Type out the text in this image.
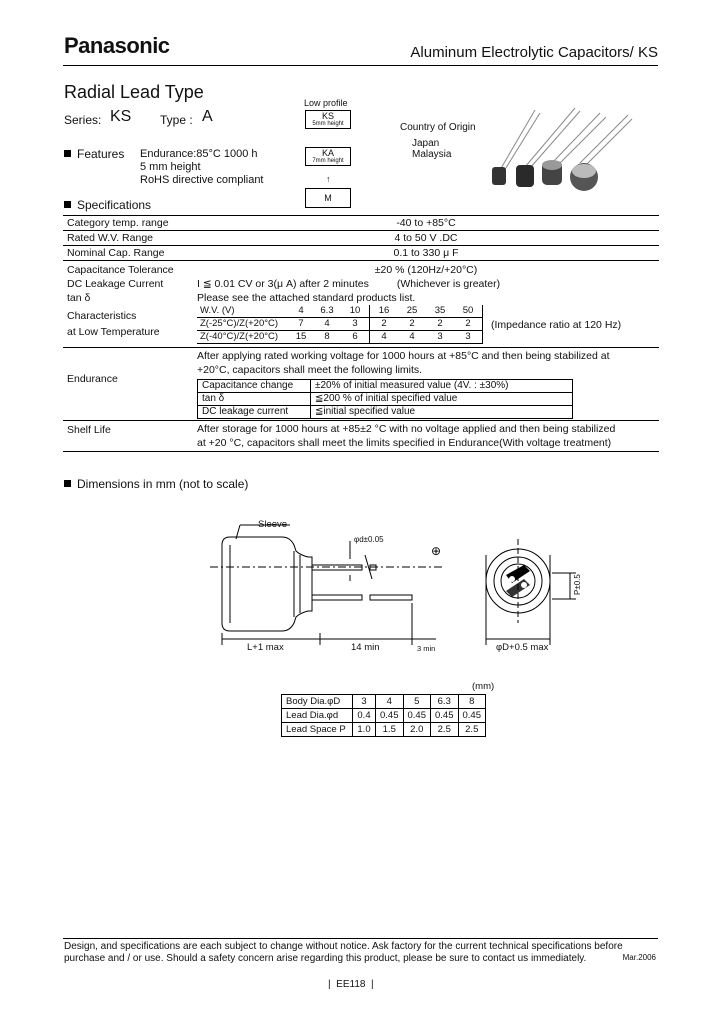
Panasonic	Aluminum Electrolytic Capacitors/ KS
Radial Lead Type
Series: KS Type : A
Low profile
KS
5mm height
KA
7mm height
↑
M
Features Endurance:85°C 1000 h
5 mm height
RoHS directive compliant
Country of Origin
Japan
Malaysia
Specifications
Category temp. range	-40 to +85°C
Rated W.V. Range	4 to 50 V .DC
Nominal Cap. Range	0.1 to 330 μ F
Capacitance Tolerance	±20 % (120Hz/+20°C)
DC Leakage Current	I ≦ 0.01 CV or 3(μ A) after 2 minutes	(Whichever is greater)
tan δ	Please see the attached standard products list.

Characteristics
at Low Temperature

W.V. (V)	4	6.3	10	16	25	35	50
Z(-25°C)/Z(+20°C)	7	4	3	2	2	2	2
Z(-40°C)/Z(+20°C)	15	8	6	4	4	3	3
(Impedance ratio at 120 Hz)

Endurance	
After applying rated working voltage for 1000 hours at +85°C and then being stabilized at
+20°C, capacitors shall meet the following limits.
Capacitance change	±20% of initial measured value (4V. : ±30%)
tan δ	≦200 % of initial specified value
DC leakage current	≦initial specified value

Shelf Life	After storage for 1000 hours at +85±2 °C with no voltage applied and then being stabilized
at +20 °C, capacitors shall meet the limits specified in Endurance(With voltage treatment)
Dimensions in mm (not to scale)
⊕
Sleeve
φd±0.05
L+1 max	14 min	3 min	φD+0.5 max
P±0.5
(mm)
Body Dia.φD	3	4	5	6.3	8
Lead Dia.φd	0.4	0.45	0.45	0.45	0.45
Lead Space P	1.0	1.5	2.0	2.5	2.5
Design, and specifications are each subject to change without notice. Ask factory for the current technical specifications before purchase and / or use. Should a safety concern arise regarding this product, please be sure to contact us immediately.	Mar.2006
|  EE118  |
